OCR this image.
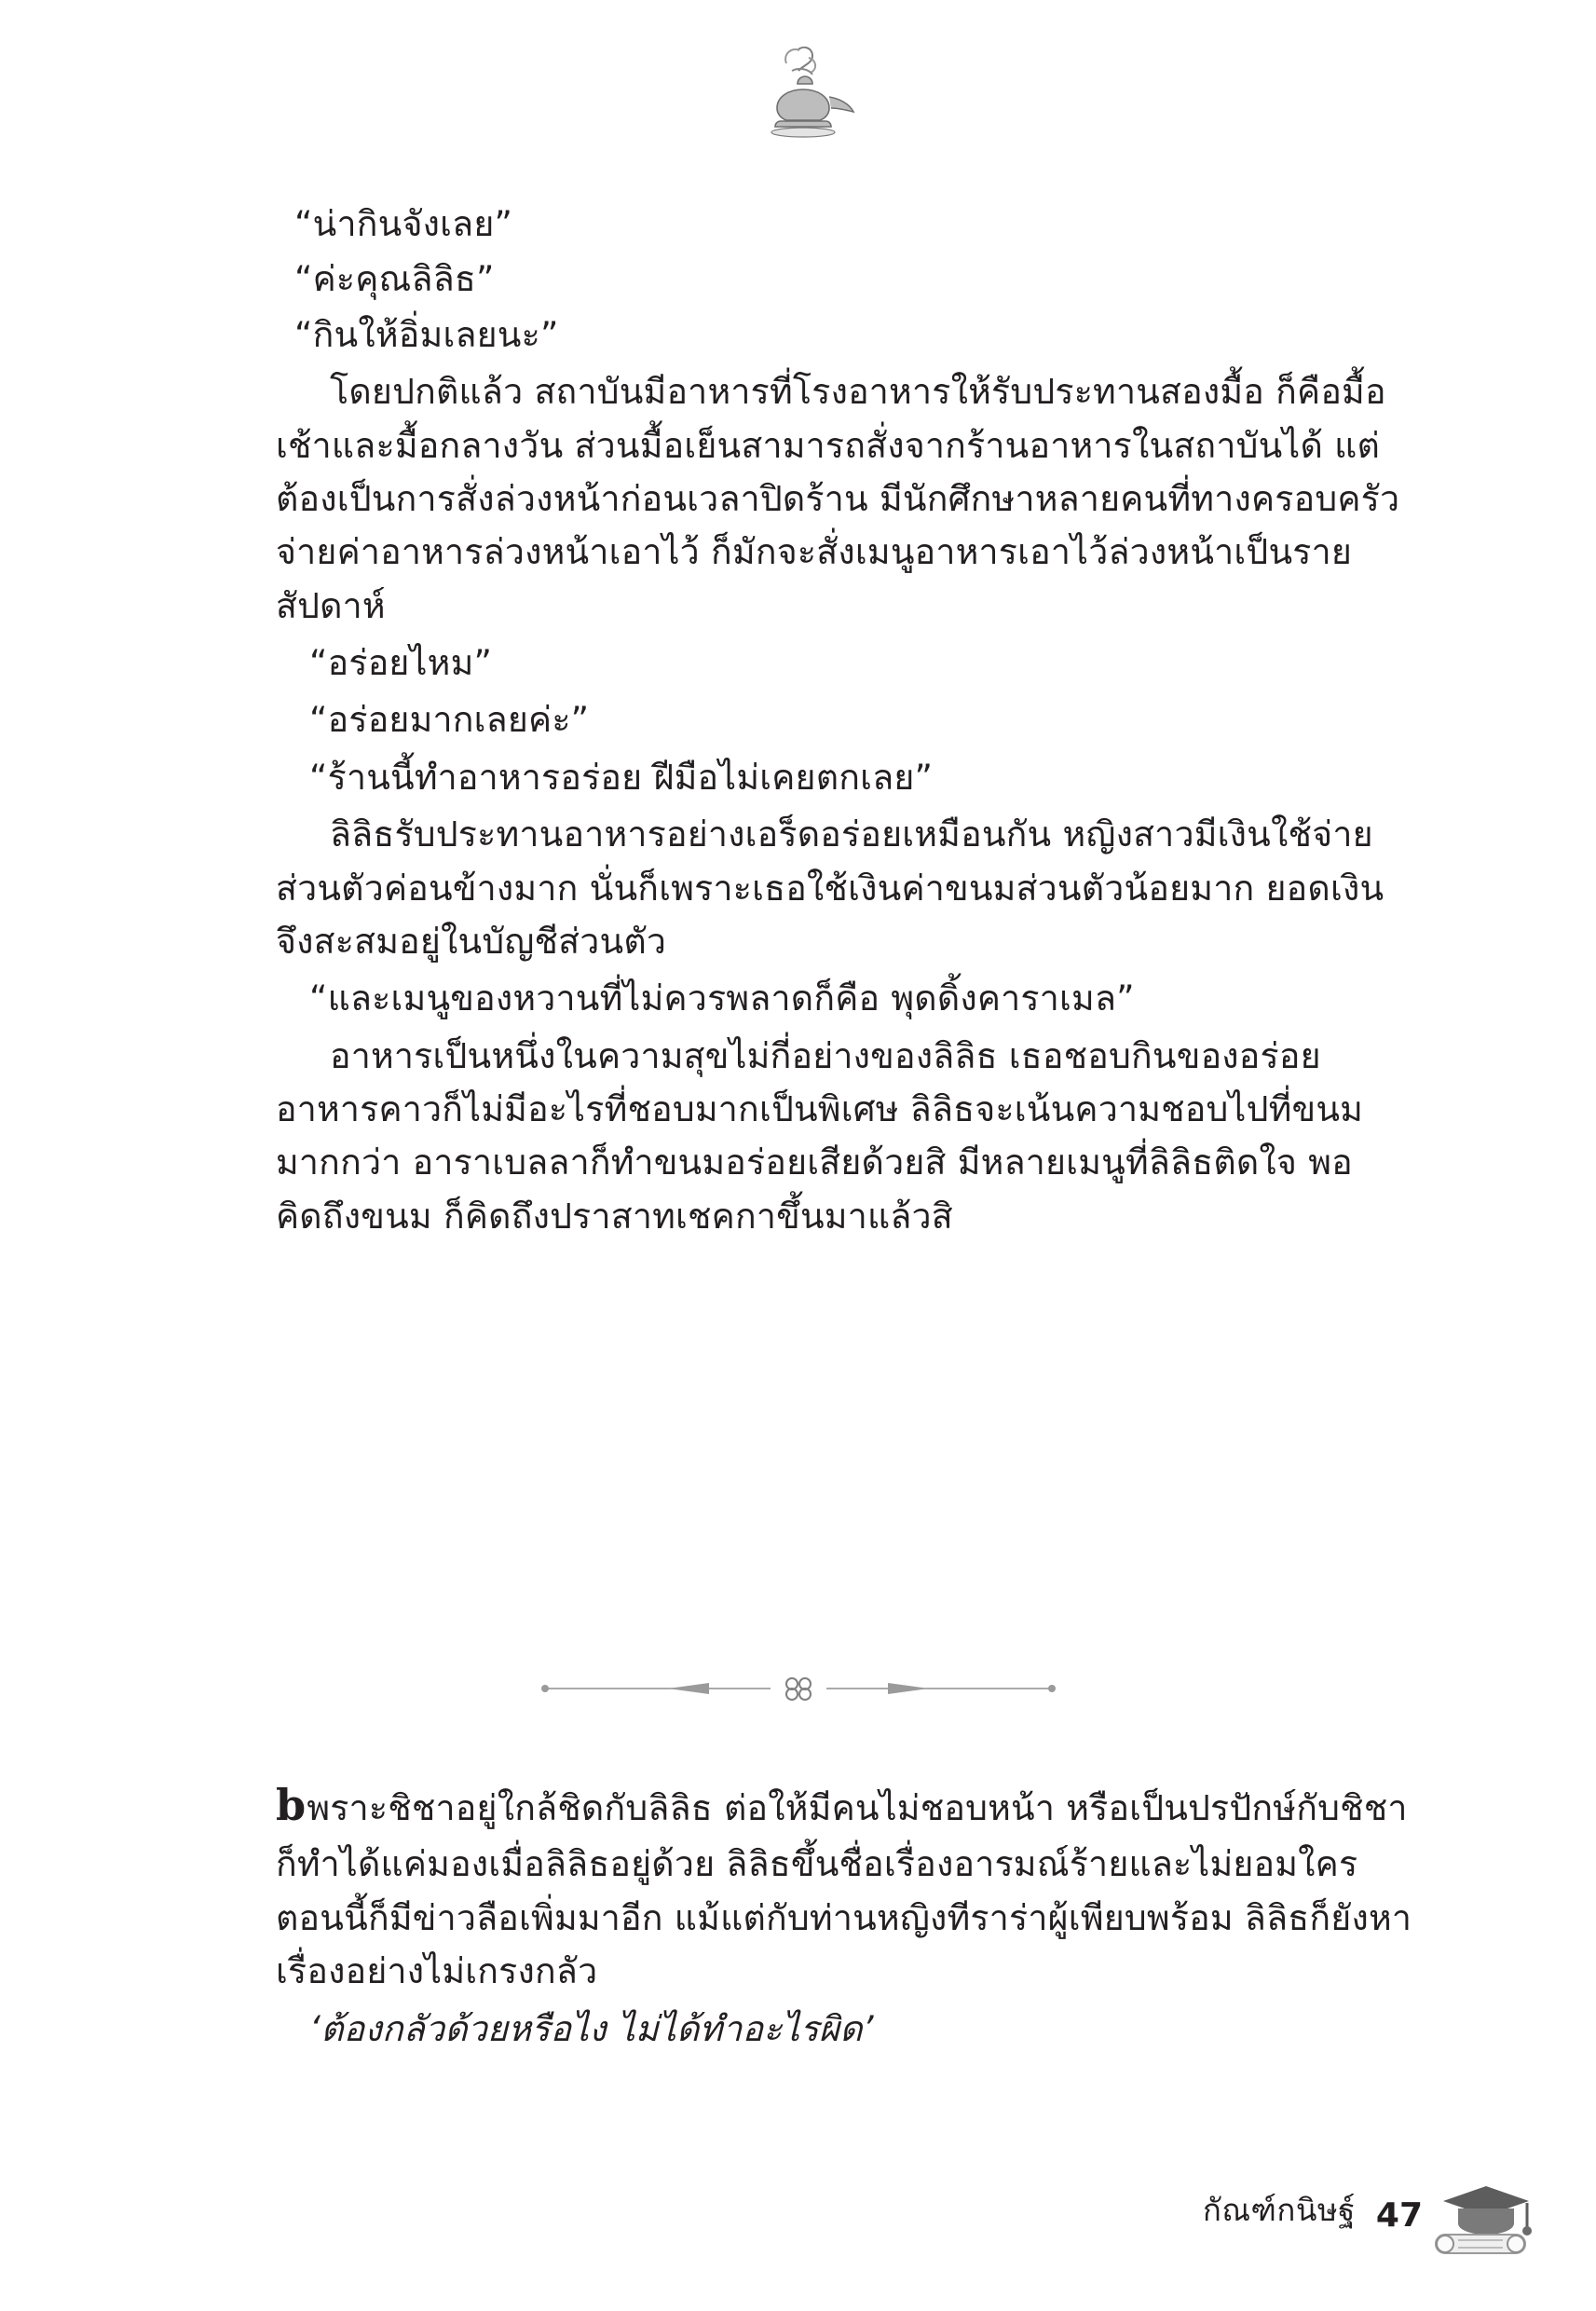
“น่ากินจังเลย”

“ค่ะคุณลิลิธ”

“กินให้อิ่มเลยนะ”

โดยปกติแล้ว สถาบันมีอาหารที่โรงอาหารให้รับประทานสองมื้อ ก็คือมื้อเช้าและมื้อกลางวัน ส่วนมื้อเย็นสามารถสั่งจากร้านอาหารในสถาบันได้ แต่ต้องเป็นการสั่งล่วงหน้าก่อนเวลาปิดร้าน มีนักศึกษาหลายคนที่ทางครอบครัวจ่ายค่าอาหารล่วงหน้าเอาไว้ ก็มักจะสั่งเมนูอาหารเอาไว้ล่วงหน้าเป็นรายสัปดาห์

“อร่อยไหม”

“อร่อยมากเลยค่ะ”

“ร้านนี้ทำอาหารอร่อย ฝีมือไม่เคยตกเลย”

ลิลิธรับประทานอาหารอย่างเอร็ดอร่อยเหมือนกัน หญิงสาวมีเงินใช้จ่ายส่วนตัวค่อนข้างมาก นั่นก็เพราะเธอใช้เงินค่าขนมส่วนตัวน้อยมาก ยอดเงินจึงสะสมอยู่ในบัญชีส่วนตัว

“และเมนูของหวานที่ไม่ควรพลาดก็คือ พุดดิ้งคาราเมล”

อาหารเป็นหนึ่งในความสุขไม่กี่อย่างของลิลิธ เธอชอบกินของอร่อย อาหารคาวก็ไม่มีอะไรที่ชอบมากเป็นพิเศษ ลิลิธจะเน้นความชอบไปที่ขนมมากกว่า อาราเบลลาก็ทำขนมอร่อยเสียด้วยสิ มีหลายเมนูที่ลิลิธติดใจ พอคิดถึงขนม ก็คิดถึงปราสาทเชคกาขึ้นมาแล้วสิ

bพราะชิชาอยู่ใกล้ชิดกับลิลิธ ต่อให้มีคนไม่ชอบหน้า หรือเป็นปรปักษ์กับชิชา ก็ทำได้แค่มองเมื่อลิลิธอยู่ด้วย ลิลิธขึ้นชื่อเรื่องอารมณ์ร้ายและไม่ยอมใคร ตอนนี้ก็มีข่าวลือเพิ่มมาอีก แม้แต่กับท่านหญิงทีราร่าผู้เพียบพร้อม ลิลิธก็ยังหาเรื่องอย่างไม่เกรงกลัว

‘ต้องกลัวด้วยหรือไง ไม่ได้ทำอะไรผิด’

กัณฑ์กนิษฐ์ 47
